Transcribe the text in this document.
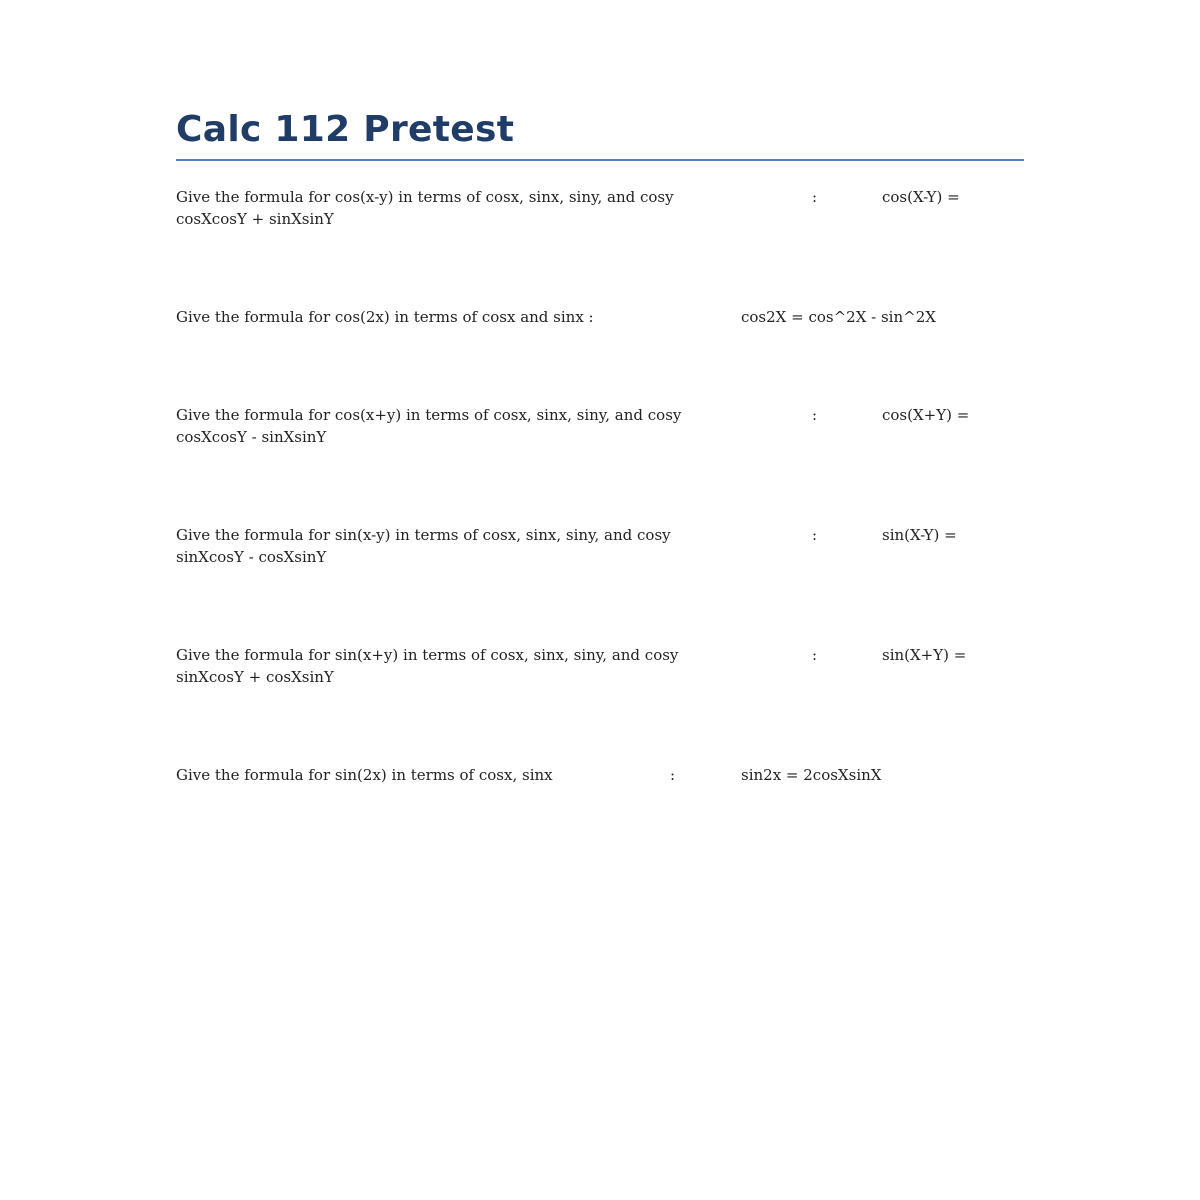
Calc 112 Pretest
Give the formula for cos(x-y) in terms of cosx, sinx, siny, and cosy	:	cos(X-Y) =
cosXcosY + sinXsinY
Give the formula for cos(2x) in terms of cosx and sinx :	cos2X = cos^2X - sin^2X
Give the formula for cos(x+y) in terms of cosx, sinx, siny, and cosy	:	cos(X+Y) =
cosXcosY - sinXsinY
Give the formula for sin(x-y) in terms of cosx, sinx, siny, and cosy	:	sin(X-Y) =
sinXcosY - cosXsinY
Give the formula for sin(x+y) in terms of cosx, sinx, siny, and cosy	:	sin(X+Y) =
sinXcosY + cosXsinY
Give the formula for sin(2x) in terms of cosx, sinx	:	sin2x = 2cosXsinX
